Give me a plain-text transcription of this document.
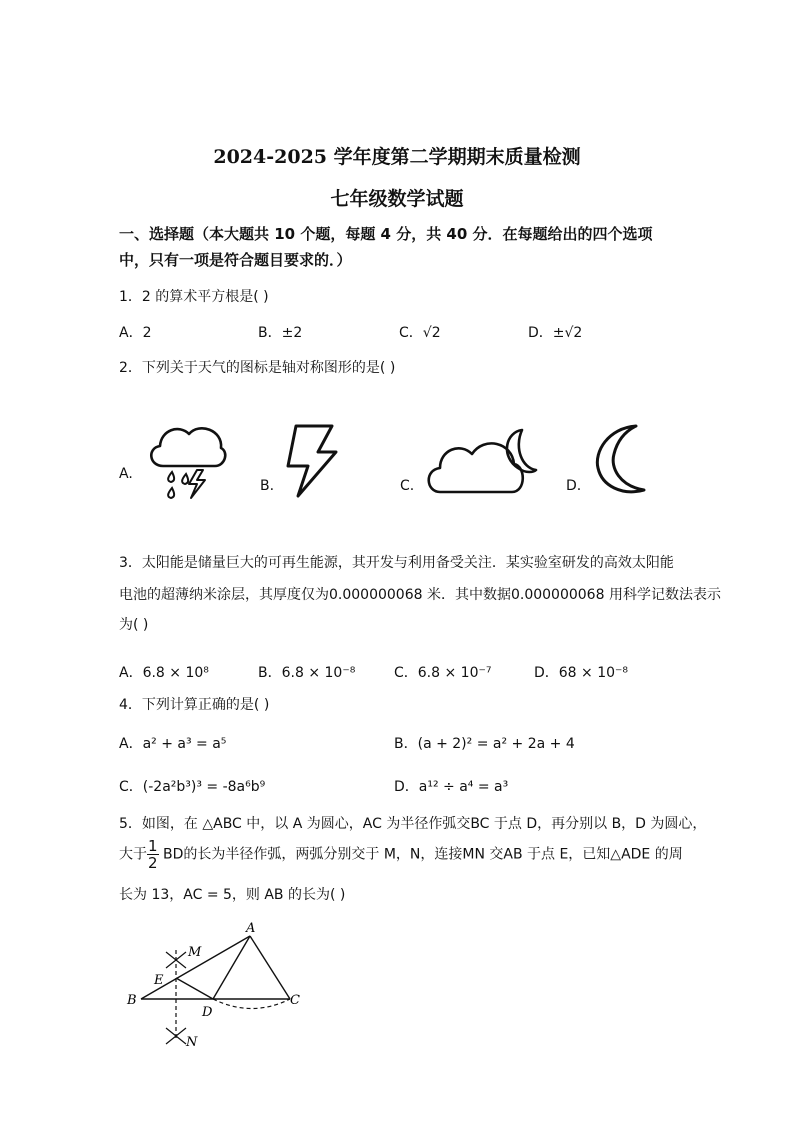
2024-2025 学年度第二学期期末质量检测
七年级数学试题
一、选择题（本大题共 10 个题，每题 4 分，共 40 分．在每题给出的四个选项
中，只有一项是符合题目要求的．）
1．2 的算术平方根是( )
A．2	B．±2	C．√2	D．±√2
2．下列关于天气的图标是轴对称图形的是( )
A.
B.	C.	D.
3．太阳能是储量巨大的可再生能源，其开发与利用备受关注．某实验室研发的高效太阳能
电池的超薄纳米涂层，其厚度仅为0.000000068 米．其中数据0.000000068 用科学记数法表示
为( )
A．6.8 × 10⁸	B．6.8 × 10⁻⁸	C．6.8 × 10⁻⁷	D．68 × 10⁻⁸
4．下列计算正确的是( )
A．a² + a³ = a⁵	B．(a + 2)² = a² + 2a + 4
C．(-2a²b³)³ = -8a⁶b⁹	D．a¹² ÷ a⁴ = a³
5．如图，在 △ABC 中，以 A 为圆心，AC 为半径作弧交BC 于点 D，再分别以 B，D 为圆心，
大于 $\frac{1}{2}$ BD的长为半径作弧，两弧分别交于 M，N，连接MN 交AB 于点 E，已知△ADE 的周
长为 13，AC = 5，则 AB 的长为( )
A
M
E
B
D
C
N
